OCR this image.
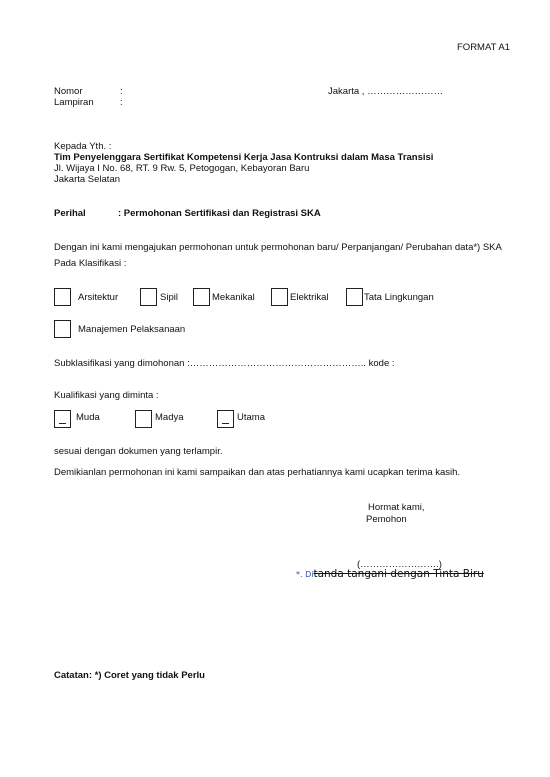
FORMAT A1
Nomor	:	Jakarta , ……………………
Lampiran	:
Kepada Yth. :
Tim Penyelenggara Sertifikat Kompetensi Kerja Jasa Kontruksi dalam Masa Transisi
Jl. Wijaya I No. 68, RT. 9 Rw. 5, Petogogan, Kebayoran Baru
Jakarta Selatan
Perihal	: Permohonan Sertifikasi dan Registrasi SKA
Dengan ini kami mengajukan permohonan untuk permohonan baru/ Perpanjangan/ Perubahan data*) SKA
Pada Klasifikasi :
Arsitektur	Sipil	Mekanikal	Elektrikal	Tata Lingkungan
Manajemen Pelaksanaan
Subklasifikasi yang dimohonan :……………………………………………….. kode :
Kualifikasi yang diminta :
Muda	Madya	Utama
sesuai dengan dokumen yang terlampir.
Demikianlan permohonan ini kami sampaikan dan atas perhatiannya kami ucapkan terima kasih.
Hormat kami,
Pemohon
(…………………….)
*. Ditanda tangani dengan Tinta Biru
Catatan: *) Coret yang tidak Perlu
